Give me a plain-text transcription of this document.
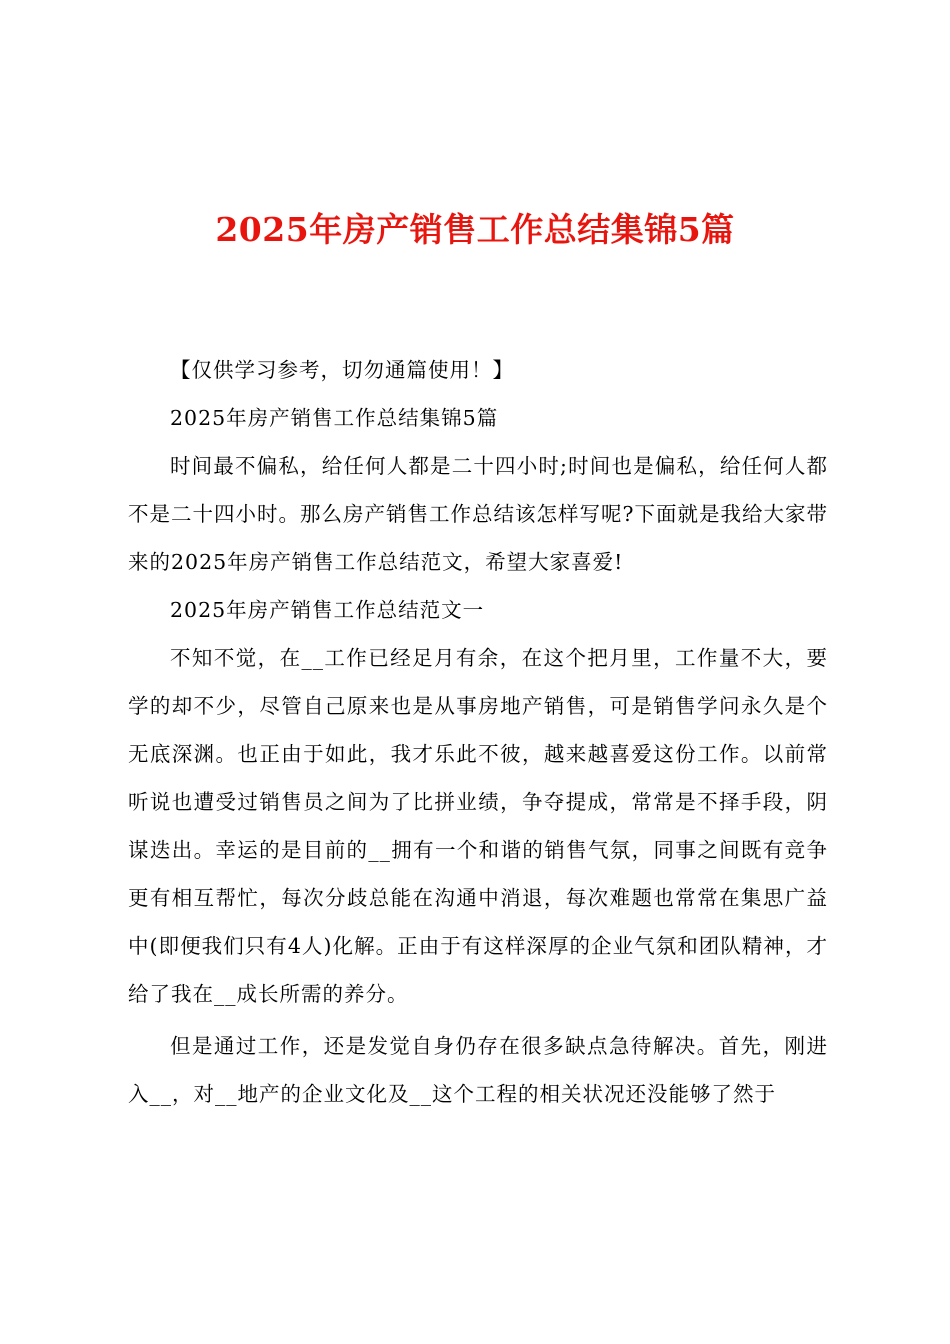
2025年房产销售工作总结集锦5篇

【仅供学习参考，切勿通篇使用！】

2025年房产销售工作总结集锦5篇

时间最不偏私，给任何人都是二十四小时;时间也是偏私，给任何人都不是二十四小时。那么房产销售工作总结该怎样写呢?下面就是我给大家带来的2025年房产销售工作总结范文，希望大家喜爱!

2025年房产销售工作总结范文一

不知不觉，在__工作已经足月有余，在这个把月里，工作量不大，要学的却不少，尽管自己原来也是从事房地产销售，可是销售学问永久是个无底深渊。也正由于如此，我才乐此不彼，越来越喜爱这份工作。以前常听说也遭受过销售员之间为了比拼业绩，争夺提成，常常是不择手段，阴谋迭出。幸运的是目前的__拥有一个和谐的销售气氛，同事之间既有竞争更有相互帮忙，每次分歧总能在沟通中消退，每次难题也常常在集思广益中(即便我们只有4人)化解。正由于有这样深厚的企业气氛和团队精神，才给了我在__成长所需的养分。

但是通过工作，还是发觉自身仍存在很多缺点急待解决。首先，刚进入__，对__地产的企业文化及__这个工程的相关状况还没能够了然于
